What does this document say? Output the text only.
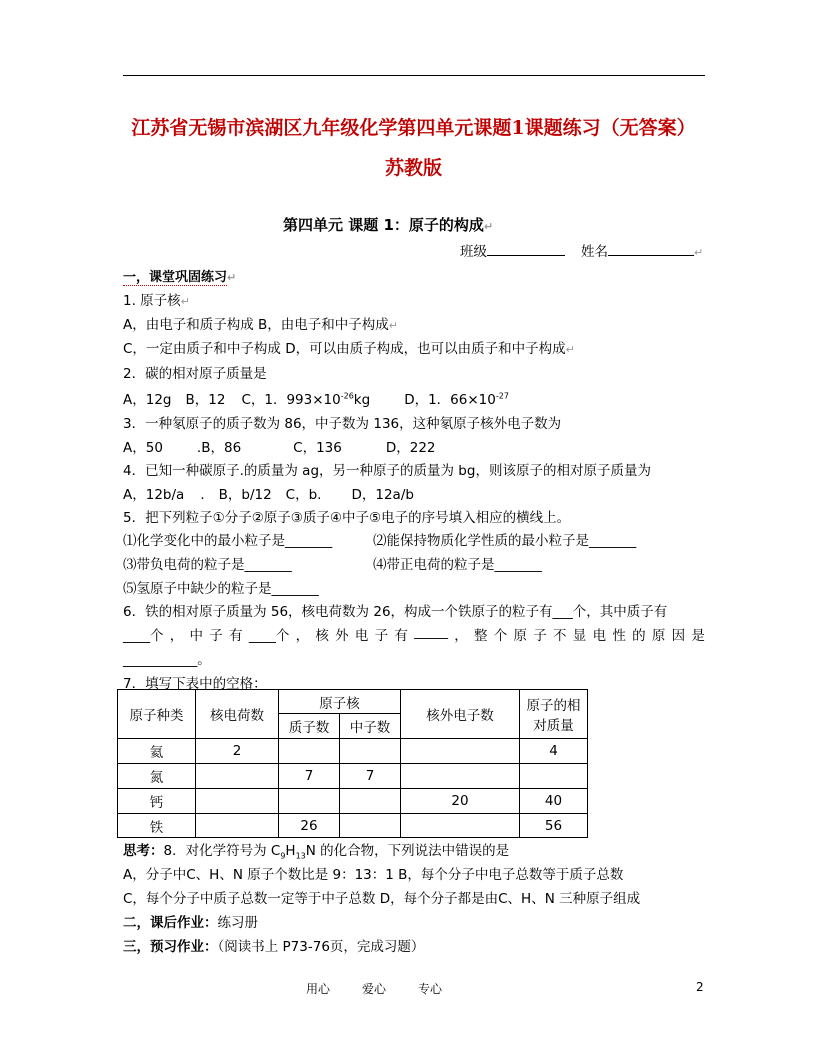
江苏省无锡市滨湖区九年级化学第四单元课题1课题练习（无答案）
苏教版
第四单元 课题 1：原子的构成↵
班级	姓名	↵
一，课堂巩固练习↵
1. 原子核↵
A，由电子和质子构成 B，由电子和中子构成↵
C，一定由质子和中子构成 D，可以由质子构成，也可以由质子和中子构成↵
2．碳的相对原子质量是
A，12g B，12 C，1．$993\times 10^{-26}kg$	D，1．$66\times 10^{-27}$
3．一种氡原子的质子数为 86，中子数为 136，这种氡原子核外电子数为
A，50	.B，86	C，136	D，222
4．已知一种碳原子.的质量为 ag，另一种原子的质量为 bg，则该原子的相对原子质量为
A，12b/a . B，b/12 C，b. D，12a/b
5．把下列粒子①分子②原子③质子④中子⑤电子的序号填入相应的横线上。
⑴化学变化中的最小粒子是_______	⑵能保持物质化学性质的最小粒子是_______
⑶带负电荷的粒子是_______	⑷带正电荷的粒子是_______
⑸氢原子中缺少的粒子是_______
6．铁的相对原子质量为 56，核电荷数为 26，构成一个铁原子的粒子有___个，其中质子有
____个 ， 中 子 有 ____个 ， 核 外 电 子 有 _____ ， 整 个 原 子 不 显 电 性 的 原 因 是
___________。
7．填写下表中的空格：
原子种类	核电荷数	原子核		核外电子数	原子的相
对质量

		质子数	中子数		
氦	2				4
氮		7	7		
钙				20	40
铁		26			56
思考：8．对化学符号为 $C_9H_{13}N$ 的化合物，下列说法中错误的是
A，分子中C、H、N 原子个数比是 9：13：1 B，每个分子中电子总数等于质子总数
C，每个分子中质子总数一定等于中子总数 D，每个分子都是由C、H、N 三种原子组成
二，课后作业：练习册
三，预习作业：（阅读书上 P73-76页，完成习题）
用心	爱心	专心	2
